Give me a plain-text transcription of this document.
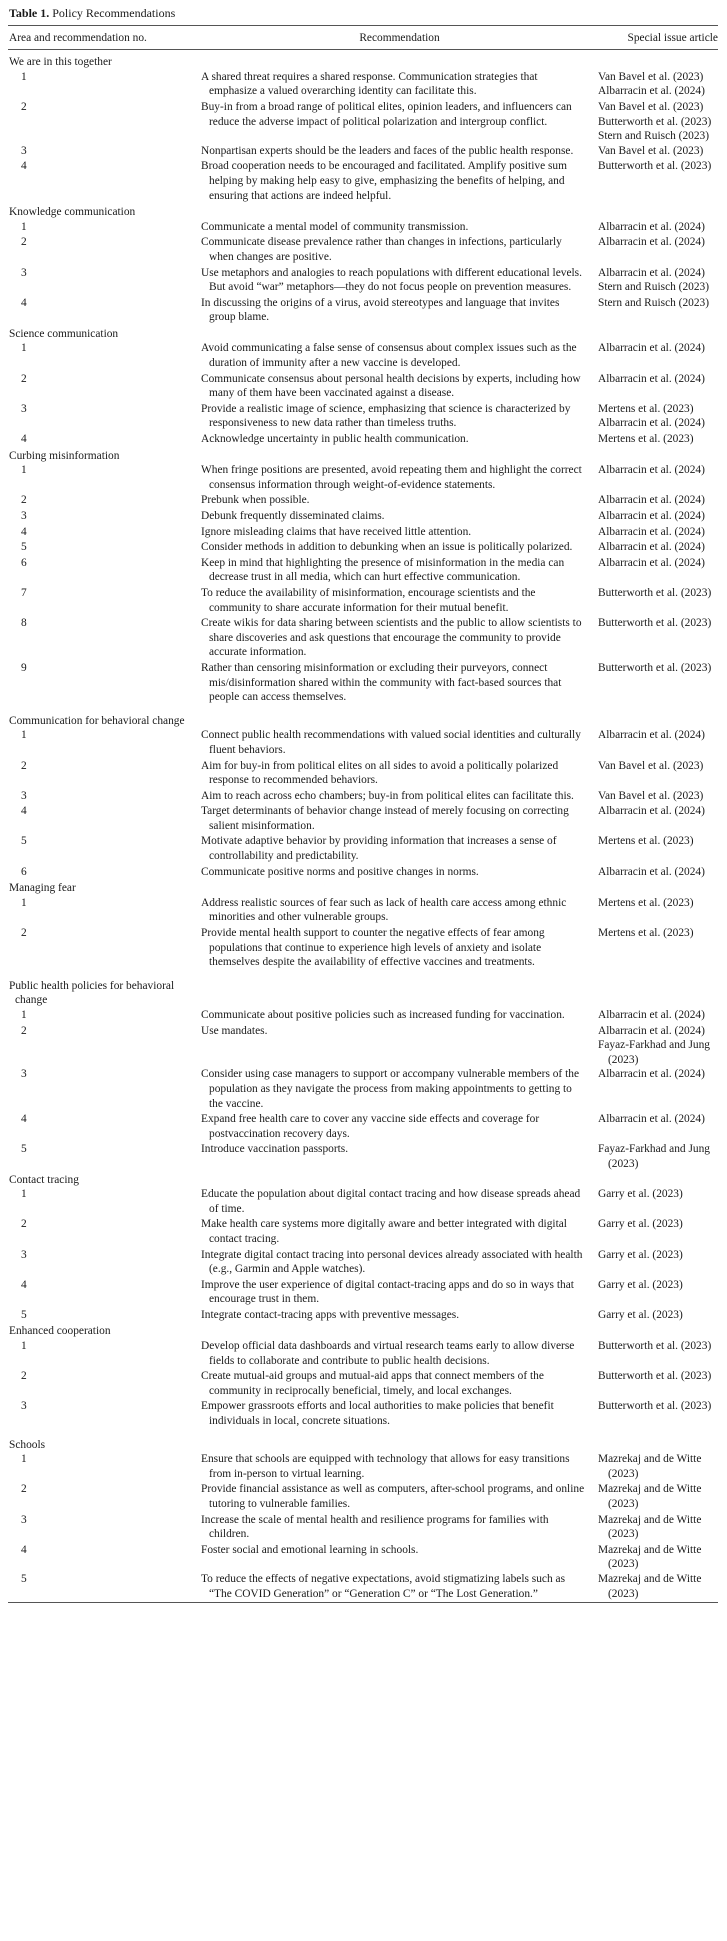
Table 1. Policy Recommendations
Area and recommendation no.	Recommendation	Special issue article

We are in this together		

1	A shared threat requires a shared response. Communication strategies that emphasize a valued overarching identity can facilitate this.	Van Bavel et al. (2023)
Albarracin et al. (2024)

2	Buy-in from a broad range of political elites, opinion leaders, and influencers can reduce the adverse impact of political polarization and intergroup conflict.	Van Bavel et al. (2023)
Butterworth et al. (2023)
Stern and Ruisch (2023)

3	Nonpartisan experts should be the leaders and faces of the public health response.	Van Bavel et al. (2023)

4	Broad cooperation needs to be encouraged and facilitated. Amplify positive sum helping by making help easy to give, emphasizing the benefits of helping, and ensuring that actions are indeed helpful.	Butterworth et al. (2023)

Knowledge communication		

1	Communicate a mental model of community transmission.	Albarracin et al. (2024)

2	Communicate disease prevalence rather than changes in infections, particularly when changes are positive.	Albarracin et al. (2024)

3	Use metaphors and analogies to reach populations with different educational levels. But avoid “war” metaphors—they do not focus people on prevention measures.	Albarracin et al. (2024)
Stern and Ruisch (2023)

4	In discussing the origins of a virus, avoid stereotypes and language that invites group blame.	Stern and Ruisch (2023)

Science communication		

1	Avoid communicating a false sense of consensus about complex issues such as the duration of immunity after a new vaccine is developed.	Albarracin et al. (2024)

2	Communicate consensus about personal health decisions by experts, including how many of them have been vaccinated against a disease.	Albarracin et al. (2024)

3	Provide a realistic image of science, emphasizing that science is characterized by responsiveness to new data rather than timeless truths.	Mertens et al. (2023)
Albarracin et al. (2024)

4	Acknowledge uncertainty in public health communication.	Mertens et al. (2023)

Curbing misinformation		

1	When fringe positions are presented, avoid repeating them and highlight the correct consensus information through weight-of-evidence statements.	Albarracin et al. (2024)

2	Prebunk when possible.	Albarracin et al. (2024)

3	Debunk frequently disseminated claims.	Albarracin et al. (2024)

4	Ignore misleading claims that have received little attention.	Albarracin et al. (2024)

5	Consider methods in addition to debunking when an issue is politically polarized.	Albarracin et al. (2024)

6	Keep in mind that highlighting the presence of misinformation in the media can decrease trust in all media, which can hurt effective communication.	Albarracin et al. (2024)

7	To reduce the availability of misinformation, encourage scientists and the community to share accurate information for their mutual benefit.	Butterworth et al. (2023)

8	Create wikis for data sharing between scientists and the public to allow scientists to share discoveries and ask questions that encourage the community to provide accurate information.	Butterworth et al. (2023)

9	Rather than censoring misinformation or excluding their purveyors, connect mis/disinformation shared within the community with fact-based sources that people can access themselves.	Butterworth et al. (2023)

Communication for behavioral change		

1	Connect public health recommendations with valued social identities and culturally fluent behaviors.	Albarracin et al. (2024)

2	Aim for buy-in from political elites on all sides to avoid a politically polarized response to recommended behaviors.	Van Bavel et al. (2023)

3	Aim to reach across echo chambers; buy-in from political elites can facilitate this.	Van Bavel et al. (2023)

4	Target determinants of behavior change instead of merely focusing on correcting salient misinformation.	Albarracin et al. (2024)

5	Motivate adaptive behavior by providing information that increases a sense of controllability and predictability.	Mertens et al. (2023)

6	Communicate positive norms and positive changes in norms.	Albarracin et al. (2024)

Managing fear		

1	Address realistic sources of fear such as lack of health care access among ethnic minorities and other vulnerable groups.	Mertens et al. (2023)

2	Provide mental health support to counter the negative effects of fear among populations that continue to experience high levels of anxiety and isolate themselves despite the availability of effective vaccines and treatments.	Mertens et al. (2023)

Public health policies for behavioral change		

1	Communicate about positive policies such as increased funding for vaccination.	Albarracin et al. (2024)

2	Use mandates.	Albarracin et al. (2024)
Fayaz-Farkhad and Jung (2023)

3	Consider using case managers to support or accompany vulnerable members of the population as they navigate the process from making appointments to getting to the vaccine.	Albarracin et al. (2024)

4	Expand free health care to cover any vaccine side effects and coverage for postvaccination recovery days.	Albarracin et al. (2024)

5	Introduce vaccination passports.	Fayaz-Farkhad and Jung (2023)

Contact tracing		

1	Educate the population about digital contact tracing and how disease spreads ahead of time.	Garry et al. (2023)

2	Make health care systems more digitally aware and better integrated with digital contact tracing.	Garry et al. (2023)

3	Integrate digital contact tracing into personal devices already associated with health (e.g., Garmin and Apple watches).	Garry et al. (2023)

4	Improve the user experience of digital contact-tracing apps and do so in ways that encourage trust in them.	Garry et al. (2023)

5	Integrate contact-tracing apps with preventive messages.	Garry et al. (2023)

Enhanced cooperation		

1	Develop official data dashboards and virtual research teams early to allow diverse fields to collaborate and contribute to public health decisions.	Butterworth et al. (2023)

2	Create mutual-aid groups and mutual-aid apps that connect members of the community in reciprocally beneficial, timely, and local exchanges.	Butterworth et al. (2023)

3	Empower grassroots efforts and local authorities to make policies that benefit individuals in local, concrete situations.	Butterworth et al. (2023)

Schools		

1	Ensure that schools are equipped with technology that allows for easy transitions from in-person to virtual learning.	Mazrekaj and de Witte (2023)

2	Provide financial assistance as well as computers, after-school programs, and online tutoring to vulnerable families.	Mazrekaj and de Witte (2023)

3	Increase the scale of mental health and resilience programs for families with children.	Mazrekaj and de Witte (2023)

4	Foster social and emotional learning in schools.	Mazrekaj and de Witte (2023)

5	To reduce the effects of negative expectations, avoid stigmatizing labels such as “The COVID Generation” or “Generation C” or “The Lost Generation.”	Mazrekaj and de Witte (2023)
